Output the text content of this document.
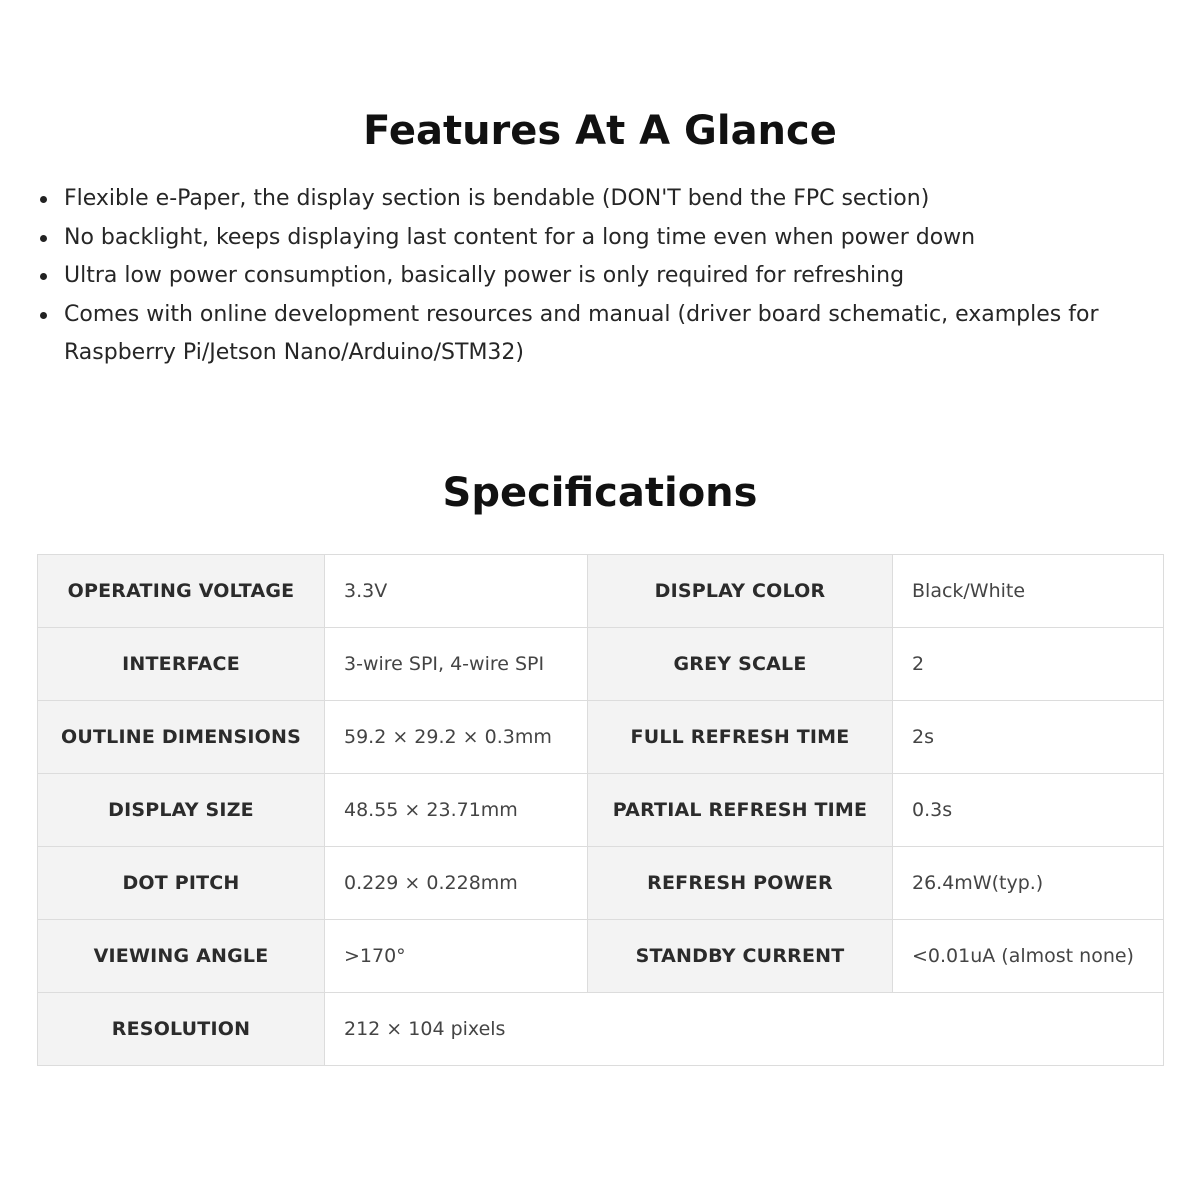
Features At A Glance
Flexible e-Paper, the display section is bendable (DON'T bend the FPC section)
No backlight, keeps displaying last content for a long time even when power down
Ultra low power consumption, basically power is only required for refreshing
Comes with online development resources and manual (driver board schematic, examples for Raspberry Pi/Jetson Nano/Arduino/STM32)
Specifications
OPERATING VOLTAGE	3.3V	DISPLAY COLOR	Black/White
INTERFACE	3-wire SPI, 4-wire SPI	GREY SCALE	2
OUTLINE DIMENSIONS	59.2 × 29.2 × 0.3mm	FULL REFRESH TIME	2s
DISPLAY SIZE	48.55 × 23.71mm	PARTIAL REFRESH TIME	0.3s
DOT PITCH	0.229 × 0.228mm	REFRESH POWER	26.4mW(typ.)
VIEWING ANGLE	>170°	STANDBY CURRENT	<0.01uA (almost none)
RESOLUTION	212 × 104 pixels		
